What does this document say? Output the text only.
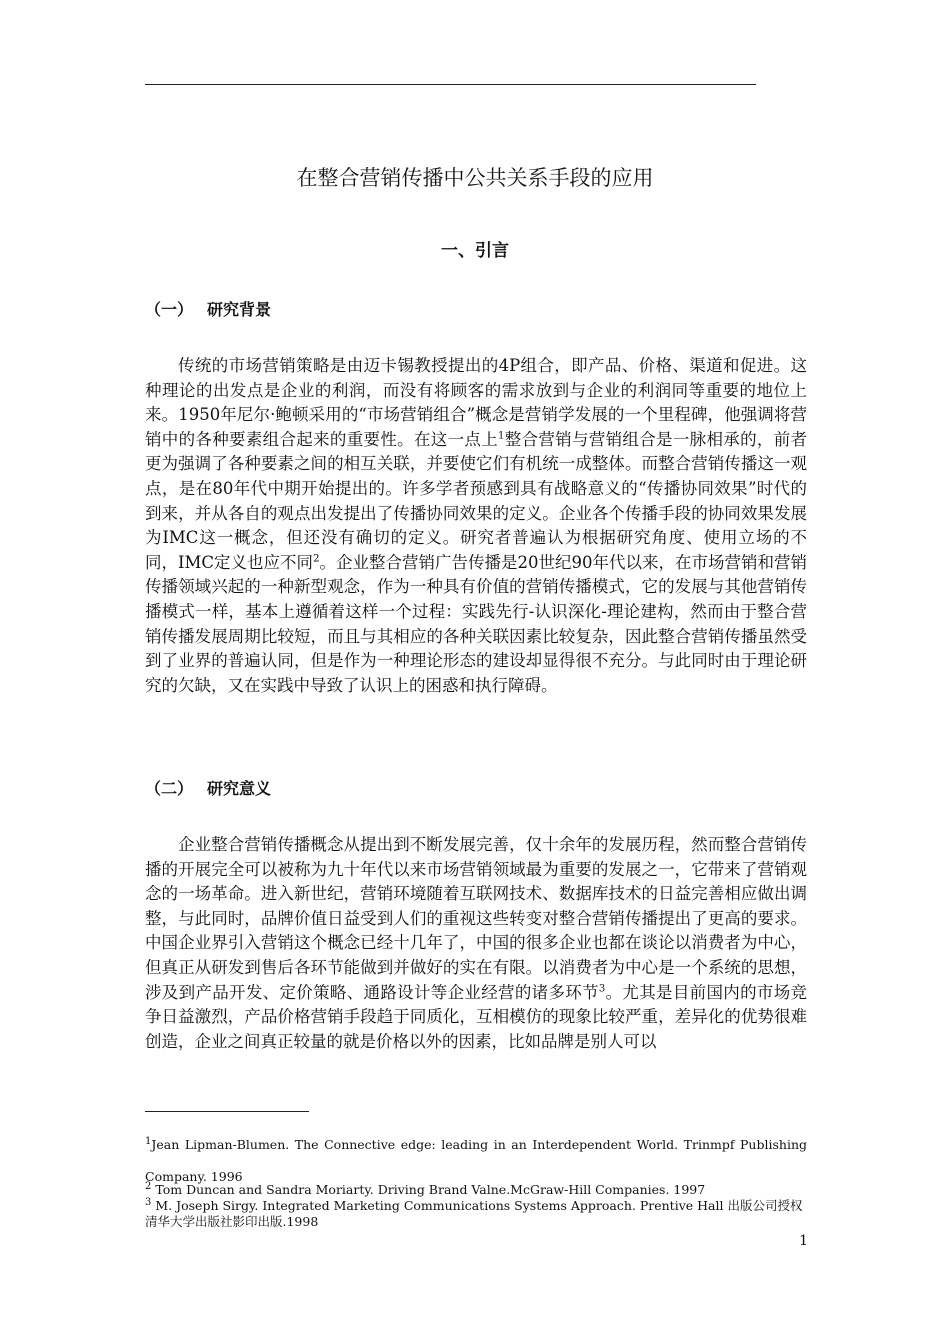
在整合营销传播中公共关系手段的应用
一、引言
（一） 研究背景

传统的市场营销策略是由迈卡锡教授提出的4P组合，即产品、价格、渠道和促进。这种理论的出发点是企业的利润，而没有将顾客的需求放到与企业的利润同等重要的地位上来。1950年尼尔·鲍顿采用的“市场营销组合”概念是营销学发展的一个里程碑，他强调将营销中的各种要素组合起来的重要性。在这一点上$^1$整合营销与营销组合是一脉相承的，前者更为强调了各种要素之间的相互关联，并要使它们有机统一成整体。而整合营销传播这一观点，是在80年代中期开始提出的。许多学者预感到具有战略意义的“传播协同效果”时代的到来，并从各自的观点出发提出了传播协同效果的定义。企业各个传播手段的协同效果发展为IMC这一概念，但还没有确切的定义。研究者普遍认为根据研究角度、使用立场的不同，IMC定义也应不同$^2$。企业整合营销广告传播是20世纪90年代以来，在市场营销和营销传播领域兴起的一种新型观念，作为一种具有价值的营销传播模式，它的发展与其他营销传播模式一样，基本上遵循着这样一个过程：实践先行-认识深化-理论建构，然而由于整合营销传播发展周期比较短，而且与其相应的各种关联因素比较复杂，因此整合营销传播虽然受到了业界的普遍认同，但是作为一种理论形态的建设却显得很不充分。与此同时由于理论研究的欠缺，又在实践中导致了认识上的困惑和执行障碍。

（二） 研究意义

企业整合营销传播概念从提出到不断发展完善，仅十余年的发展历程，然而整合营销传播的开展完全可以被称为九十年代以来市场营销领域最为重要的发展之一，它带来了营销观念的一场革命。进入新世纪，营销环境随着互联网技术、数据库技术的日益完善相应做出调整，与此同时，品牌价值日益受到人们的重视这些转变对整合营销传播提出了更高的要求。中国企业界引入营销这个概念已经十几年了，中国的很多企业也都在谈论以消费者为中心，但真正从研发到售后各环节能做到并做好的实在有限。以消费者为中心是一个系统的思想，涉及到产品开发、定价策略、通路设计等企业经营的诸多环节$^3$。尤其是目前国内的市场竞争日益激烈，产品价格营销手段趋于同质化，互相模仿的现象比较严重，差异化的优势很难创造，企业之间真正较量的就是价格以外的因素，比如品牌是别人可以

$^1$Jean Lipman-Blumen. The Connective edge: leading in an Interdependent World. Trinmpf Publishing Company. 1996

$^2$ Tom Duncan and Sandra Moriarty. Driving Brand Valne.McGraw-Hill Companies. 1997

$^3$ M. Joseph Sirgy. Integrated Marketing Communications Systems Approach. Prentive Hall 出版公司授权 清华大学出版社影印出版.1998

1
